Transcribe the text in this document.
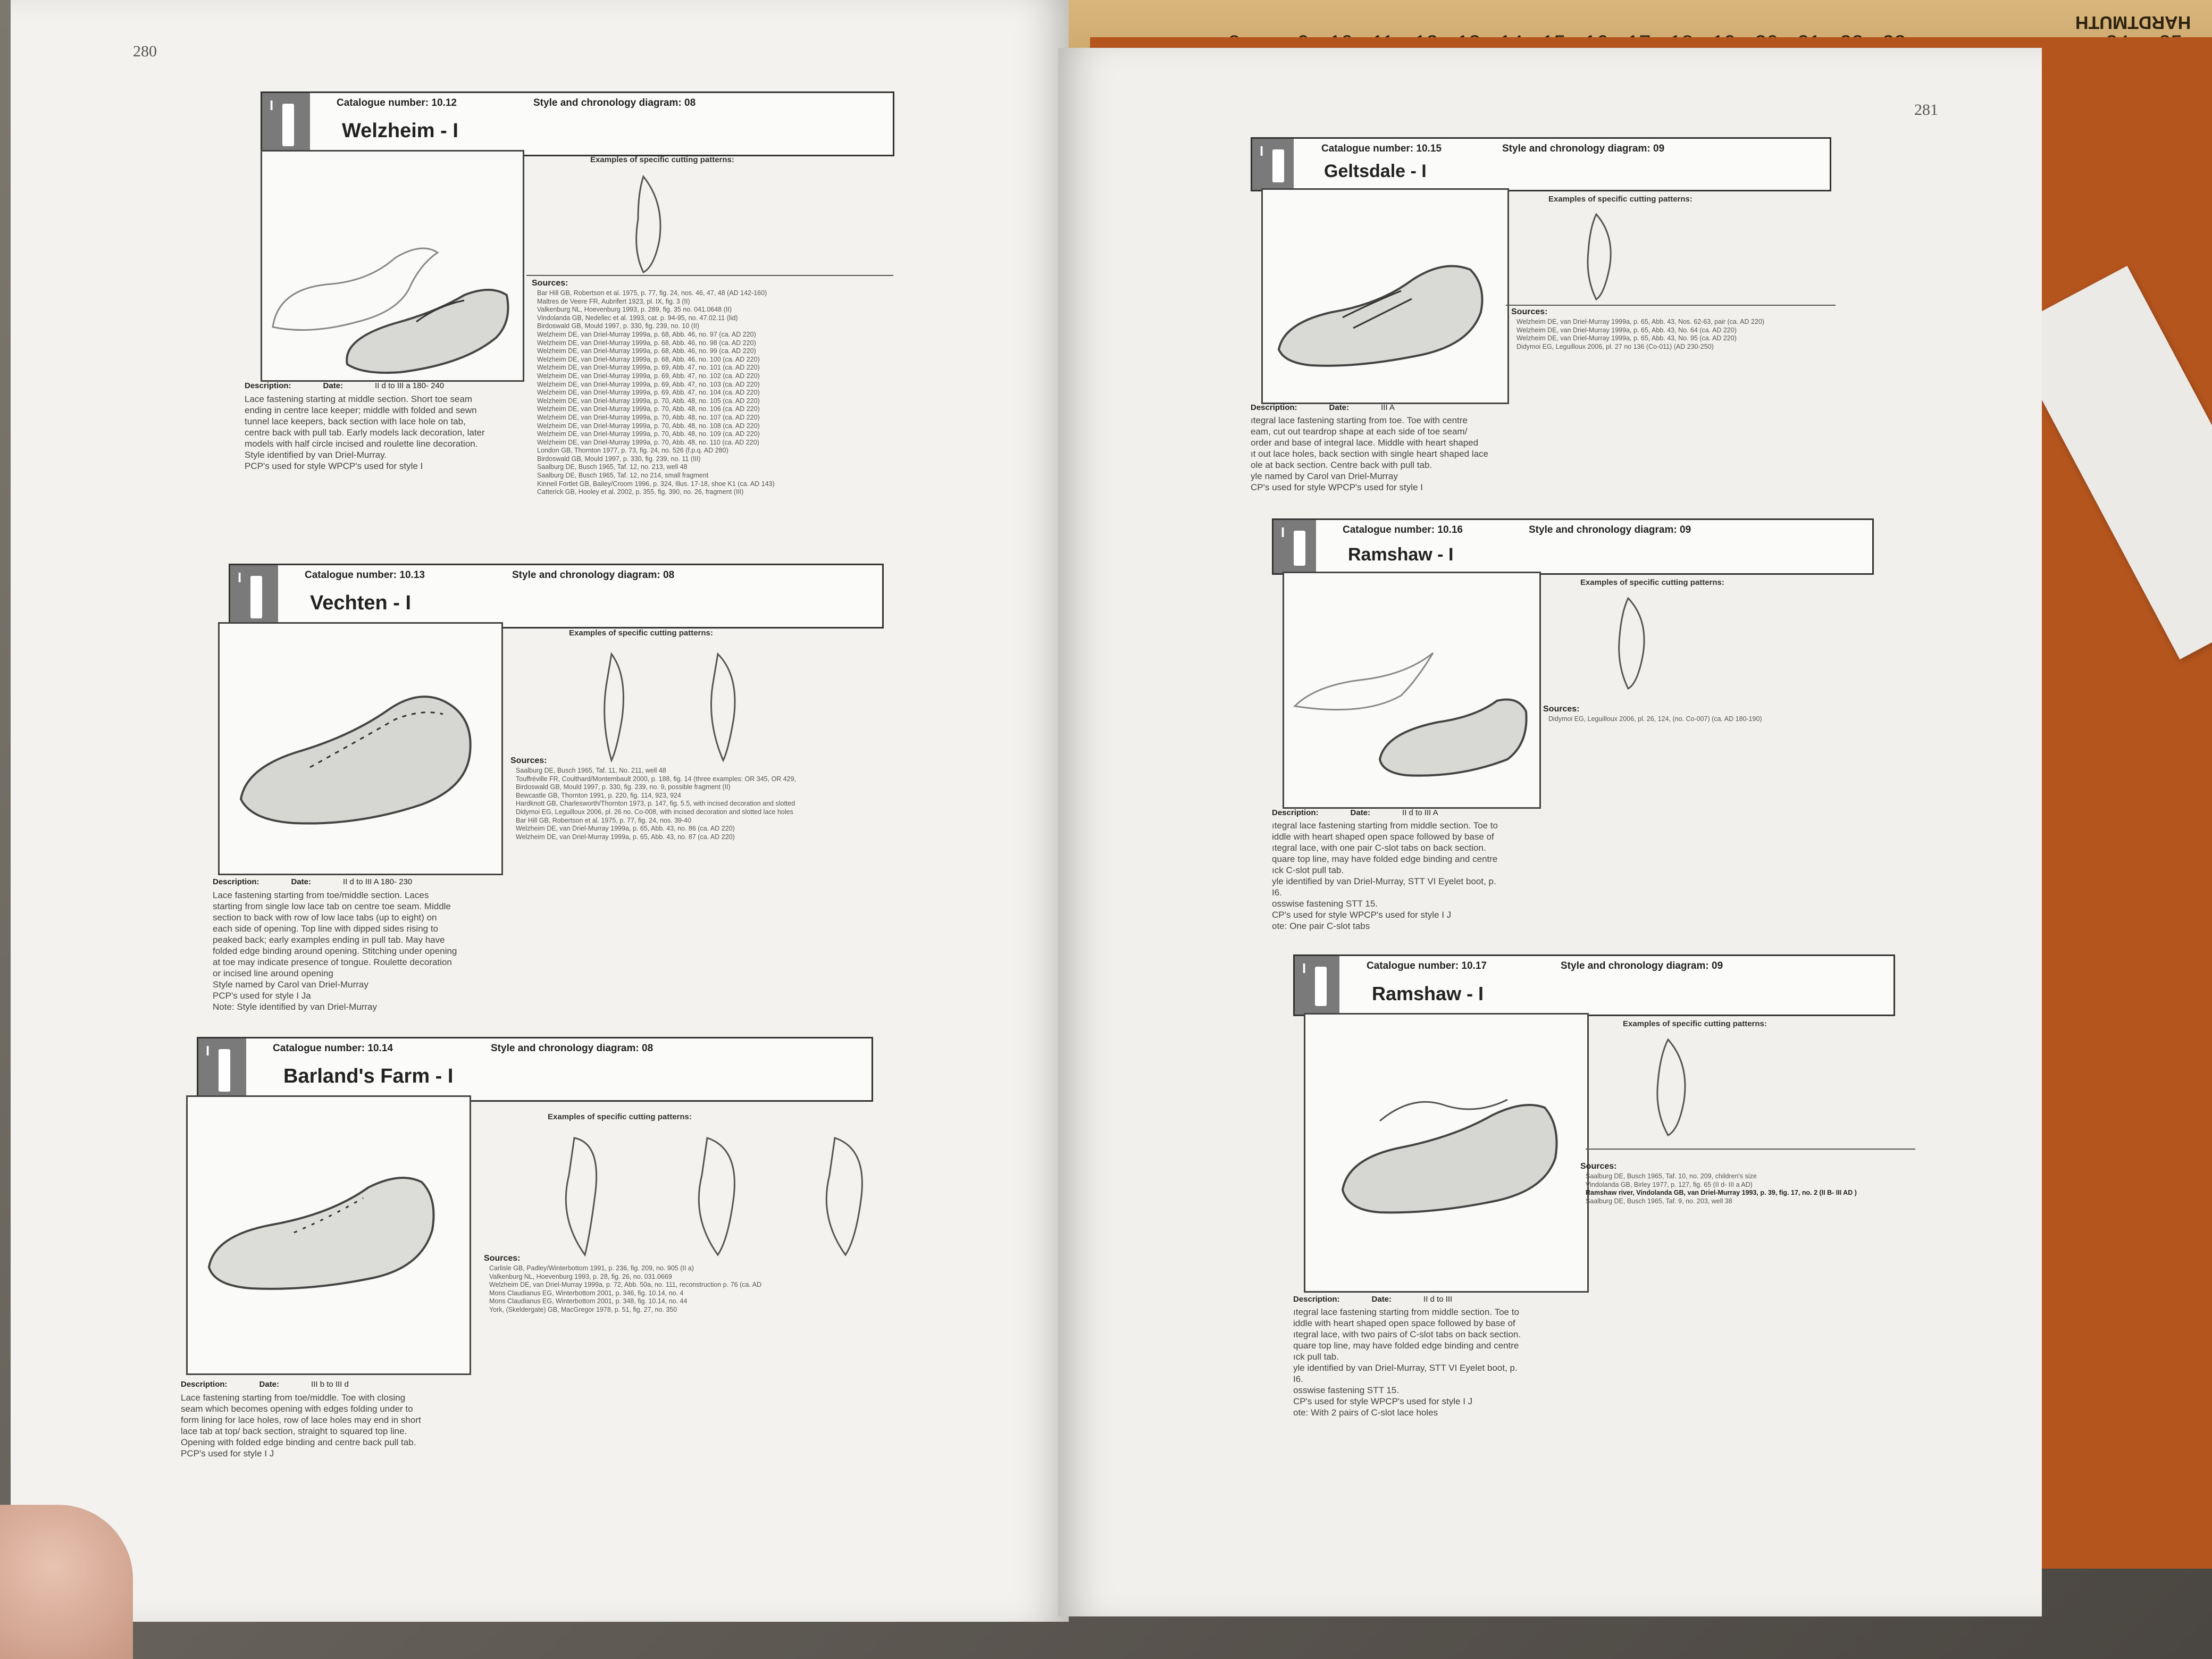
HARDTMUTH
280
I	Catalogue number: 10.12	Style and chronology diagram: 08
Welzheim - I
Examples of specific cutting patterns:
Sources:
Bar Hill GB, Robertson et al. 1975, p. 77, fig. 24, nos. 46, 47, 48 (AD 142-160)
Maltres de Veere FR, Aubrifert 1923, pl. IX, fig. 3 (II)
Valkenburg NL, Hoevenburg 1993, p. 289, fig. 35 no. 041.0648 (II)
Vindolanda GB, Nedellec et al. 1993, cat. p. 94-95, no. 47.02.11 (lid)
Birdoswald GB, Mould 1997, p. 330, fig. 239, no. 10 (II)
Welzheim DE, van Driel-Murray 1999a, p. 68, Abb. 46, no. 97 (ca. AD 220)
Welzheim DE, van Driel-Murray 1999a, p. 68, Abb. 46, no. 98 (ca. AD 220)
Welzheim DE, van Driel-Murray 1999a, p. 68, Abb. 46, no. 99 (ca. AD 220)
Welzheim DE, van Driel-Murray 1999a, p. 68, Abb. 46, no. 100 (ca. AD 220)
Welzheim DE, van Driel-Murray 1999a, p. 69, Abb. 47, no. 101 (ca. AD 220)
Welzheim DE, van Driel-Murray 1999a, p. 69, Abb. 47, no. 102 (ca. AD 220)
Welzheim DE, van Driel-Murray 1999a, p. 69, Abb. 47, no. 103 (ca. AD 220)
Welzheim DE, van Driel-Murray 1999a, p. 69, Abb. 47, no. 104 (ca. AD 220)
Welzheim DE, van Driel-Murray 1999a, p. 70, Abb. 48, no. 105 (ca. AD 220)
Welzheim DE, van Driel-Murray 1999a, p. 70, Abb. 48, no. 106 (ca. AD 220)
Welzheim DE, van Driel-Murray 1999a, p. 70, Abb. 48, no. 107 (ca. AD 220)
Welzheim DE, van Driel-Murray 1999a, p. 70, Abb. 48, no. 108 (ca. AD 220)
Welzheim DE, van Driel-Murray 1999a, p. 70, Abb. 48, no. 109 (ca. AD 220)
Welzheim DE, van Driel-Murray 1999a, p. 70, Abb. 48, no. 110 (ca. AD 220)
London GB, Thornton 1977, p. 73, fig. 24, no. 526 (f.p.q. AD 280)
Birdoswald GB, Mould 1997, p. 330, fig. 239, no. 11 (III)
Saalburg DE, Busch 1965, Taf. 12, no. 213, well 48
Saalburg DE, Busch 1965, Taf. 12, no 214, small fragment
Kinneil Fortlet GB, Bailey/Croom 1996, p. 324, Illus. 17-18, shoe K1 (ca. AD 143)
Catterick GB, Hooley et al. 2002, p. 355, fig. 390, no. 26, fragment (III)
Description:	Date:	II d to III a 180- 240
Lace fastening starting at middle section. Short toe seam
ending in centre lace keeper; middle with folded and sewn
tunnel lace keepers, back section with lace hole on tab,
centre back with pull tab. Early models lack decoration, later
models with half circle incised and roulette line decoration.
Style identified by van Driel-Murray.
PCP's used for style WPCP's used for style I
I	Catalogue number: 10.13	Style and chronology diagram: 08
Vechten - I
Examples of specific cutting patterns:
Sources:
Saalburg DE, Busch 1965, Taf. 11, No. 211, well 48
Touffréville FR, Coulthard/Montembault 2000, p. 188, fig. 14 (three examples: OR 345, OR 429,
Birdoswald GB, Mould 1997, p. 330, fig. 239, no. 9, possible fragment (II)
Bewcastle GB, Thornton 1991, p. 220, fig. 114, 923, 924
Hardknott GB, Charlesworth/Thornton 1973, p. 147, fig. 5.5, with incised decoration and slotted
Didymoi EG, Leguilloux 2006, pl. 26 no. Co-008, with incised decoration and slotted lace holes
Bar Hill GB, Robertson et al. 1975, p. 77, fig. 24, nos. 39-40
Welzheim DE, van Driel-Murray 1999a, p. 65, Abb. 43, no. 86 (ca. AD 220)
Welzheim DE, van Driel-Murray 1999a, p. 65, Abb. 43, no. 87 (ca. AD 220)
Description:	Date:	II d to III A 180- 230
Lace fastening starting from toe/middle section. Laces
starting from single low lace tab on centre toe seam. Middle
section to back with row of low lace tabs (up to eight) on
each side of opening. Top line with dipped sides rising to
peaked back; early examples ending in pull tab. May have
folded edge binding around opening. Stitching under opening
at toe may indicate presence of tongue. Roulette decoration
or incised line around opening
Style named by Carol van Driel-Murray
PCP's used for style I Ja
Note: Style identified by van Driel-Murray
I	Catalogue number: 10.14	Style and chronology diagram: 08
Barland's Farm - I
Examples of specific cutting patterns:
Sources:
Carlisle GB, Padley/Winterbottom 1991, p. 236, fig. 209, no. 905 (II a)
Valkenburg NL, Hoevenburg 1993, p. 28, fig. 26, no. 031.0669
Welzheim DE, van Driel-Murray 1999a, p. 72, Abb. 50a, no. 111, reconstruction p. 76 (ca. AD
Mons Claudianus EG, Winterbottom 2001, p. 346, fig. 10.14, no. 4
Mons Claudianus EG, Winterbottom 2001, p. 348, fig. 10.14, no. 44
York, (Skeldergate) GB, MacGregor 1978, p. 51, fig. 27, no. 350
Description:	Date:	III b to III d
Lace fastening starting from toe/middle. Toe with closing
seam which becomes opening with edges folding under to
form lining for lace holes, row of lace holes may end in short
lace tab at top/ back section, straight to squared top line.
Opening with folded edge binding and centre back pull tab.
PCP's used for style I J
281
I	Catalogue number: 10.15	Style and chronology diagram: 09
Geltsdale - I
Examples of specific cutting patterns:
Sources:
Welzheim DE, van Driel-Murray 1999a, p. 65, Abb. 43, Nos. 62-63, pair (ca. AD 220)
Welzheim DE, van Driel-Murray 1999a, p. 65, Abb. 43, No. 64 (ca. AD 220)
Welzheim DE, van Driel-Murray 1999a, p. 65, Abb. 43, No. 95 (ca. AD 220)
Didymoi EG, Leguilloux 2006, pl. 27 no 136 (Co-011) (AD 230-250)
Description:	Date:	III A
ıtegral lace fastening starting from toe. Toe with centre
eam, cut out teardrop shape at each side of toe seam/
order and base of integral lace. Middle with heart shaped
ıt out lace holes, back section with single heart shaped lace
ole at back section. Centre back with pull tab.
yle named by Carol van Driel-Murray
CP's used for style WPCP's used for style I
I	Catalogue number: 10.16	Style and chronology diagram: 09
Ramshaw - I
Examples of specific cutting patterns:
Sources:
Didymoi EG, Leguilloux 2006, pl. 26, 124, (no. Co-007) (ca. AD 180-190)
Description:	Date:	II d to III A
ıtegral lace fastening starting from middle section. Toe to
iddle with heart shaped open space followed by base of
ıtegral lace, with one pair C-slot tabs on back section.
quare top line, may have folded edge binding and centre
ıck C-slot pull tab.
yle identified by van Driel-Murray, STT VI Eyelet boot, p.
I6.
osswise fastening STT 15.
CP's used for style WPCP's used for style I J
ote: One pair C-slot tabs
I	Catalogue number: 10.17	Style and chronology diagram: 09
Ramshaw - I
Examples of specific cutting patterns:
Sources:
Saalburg DE, Busch 1965, Taf. 10, no. 209, children's size
Vindolanda GB, Birley 1977, p. 127, fig. 65 (II d- III a AD)
Ramshaw river, Vindolanda GB, van Driel-Murray 1993, p. 39, fig. 17, no. 2 (II B- III AD )
Saalburg DE, Busch 1965, Taf. 9, no. 203, well 38
Description:	Date:	II d to III
ıtegral lace fastening starting from middle section. Toe to
iddle with heart shaped open space followed by base of
ıtegral lace, with two pairs of C-slot tabs on back section.
quare top line, may have folded edge binding and centre
ıck pull tab.
yle identified by van Driel-Murray, STT VI Eyelet boot, p.
I6.
osswise fastening STT 15.
CP's used for style WPCP's used for style I J
ote: With 2 pairs of C-slot lace holes
